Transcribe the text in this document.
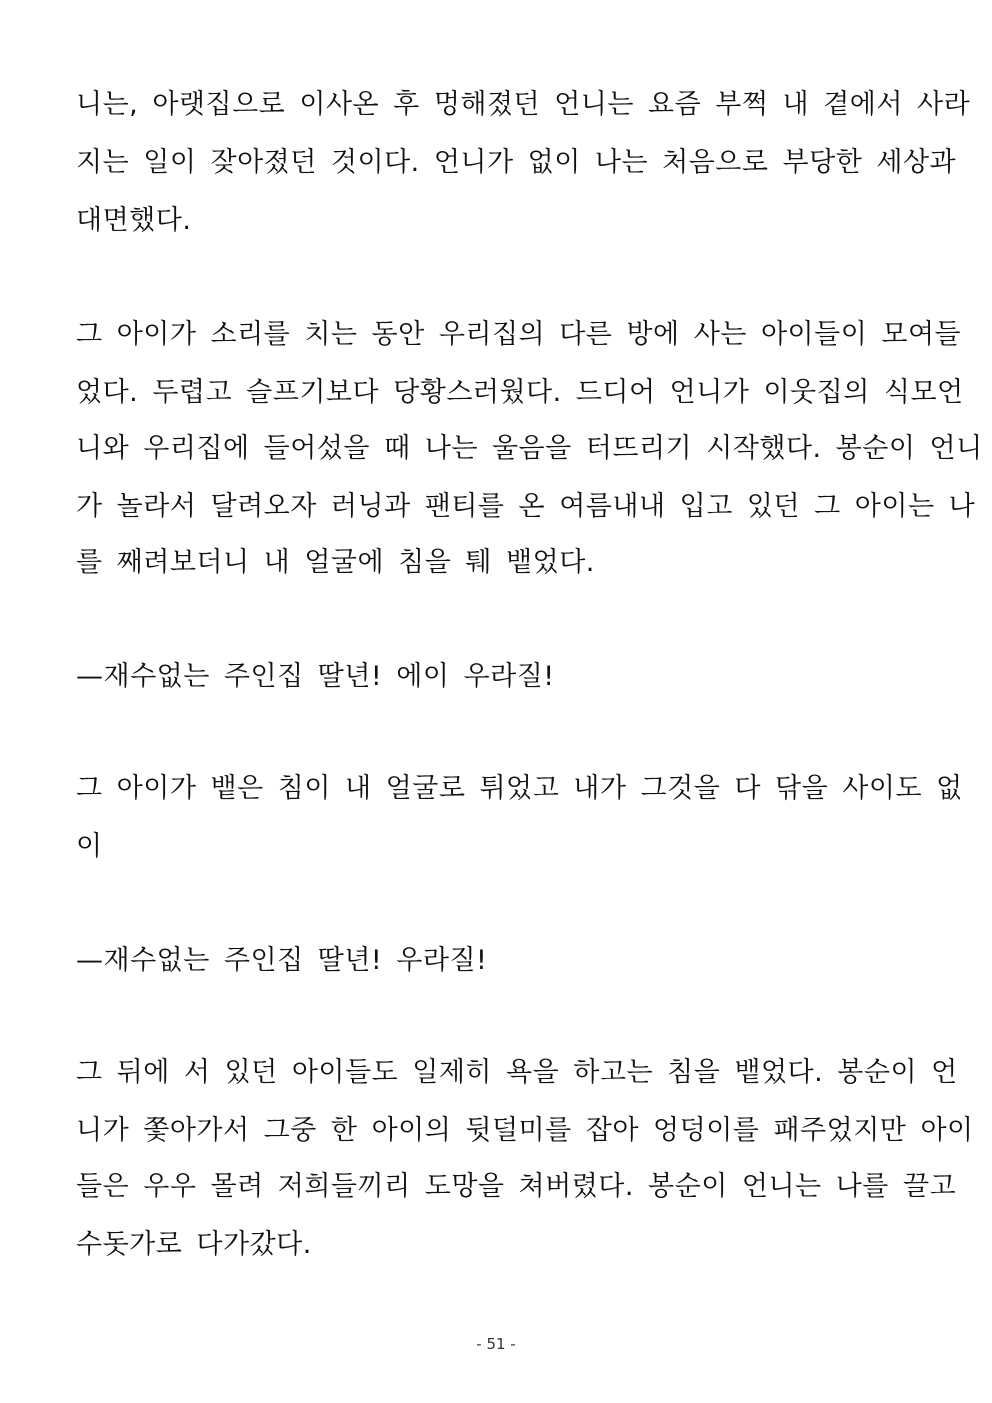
니는, 아랫집으로 이사온 후 멍해졌던 언니는 요즘 부쩍 내 곁에서 사라
지는 일이 잦아졌던 것이다. 언니가 없이 나는 처음으로 부당한 세상과
대면했다.
그 아이가 소리를 치는 동안 우리집의 다른 방에 사는 아이들이 모여들
었다. 두렵고 슬프기보다 당황스러웠다. 드디어 언니가 이웃집의 식모언
니와 우리집에 들어섰을 때 나는 울음을 터뜨리기 시작했다. 봉순이 언니
가 놀라서 달려오자 러닝과 팬티를 온 여름내내 입고 있던 그 아이는 나
를 째려보더니 내 얼굴에 침을 퉤 뱉었다.
—재수없는 주인집 딸년! 에이 우라질!
그 아이가 뱉은 침이 내 얼굴로 튀었고 내가 그것을 다 닦을 사이도 없
이
—재수없는 주인집 딸년! 우라질!
그 뒤에 서 있던 아이들도 일제히 욕을 하고는 침을 뱉었다. 봉순이 언
니가 쫓아가서 그중 한 아이의 뒷덜미를 잡아 엉덩이를 패주었지만 아이
들은 우우 몰려 저희들끼리 도망을 쳐버렸다. 봉순이 언니는 나를 끌고
수돗가로 다가갔다.
- 51 -
